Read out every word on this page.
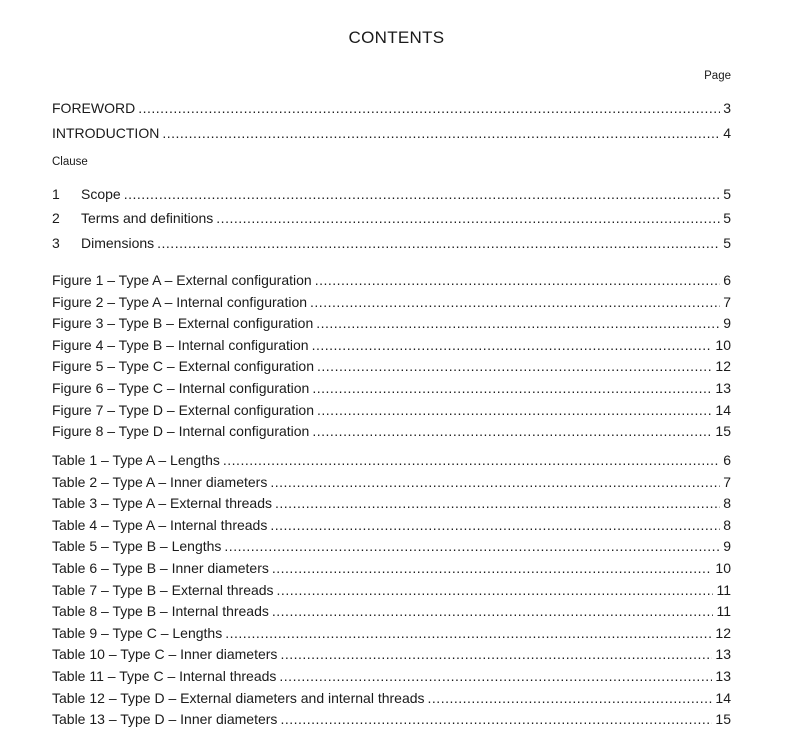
CONTENTS
Page
FOREWORD .....	3
INTRODUCTION .....	4
Clause
1	Scope .....	5
2	Terms and definitions .....	5
3	Dimensions .....	5
Figure 1 – Type A – External configuration .....	6
Figure 2 – Type A – Internal configuration .....	7
Figure 3 – Type B – External configuration .....	9
Figure 4 – Type B – Internal configuration .....	10
Figure 5 – Type C – External configuration .....	12
Figure 6 – Type C – Internal configuration .....	13
Figure 7 – Type D – External configuration .....	14
Figure 8 – Type D – Internal configuration .....	15
Table 1 – Type A – Lengths .....	6
Table 2 – Type A – Inner diameters .....	7
Table 3 – Type A – External threads .....	8
Table 4 – Type A – Internal threads .....	8
Table 5 – Type B – Lengths .....	9
Table 6 – Type B – Inner diameters .....	10
Table 7 – Type B – External threads .....	11
Table 8 – Type B – Internal threads .....	11
Table 9 – Type C – Lengths .....	12
Table 10 – Type C – Inner diameters .....	13
Table 11 – Type C – Internal threads .....	13
Table 12 – Type D – External diameters and internal threads .....	14
Table 13 – Type D – Inner diameters .....	15
